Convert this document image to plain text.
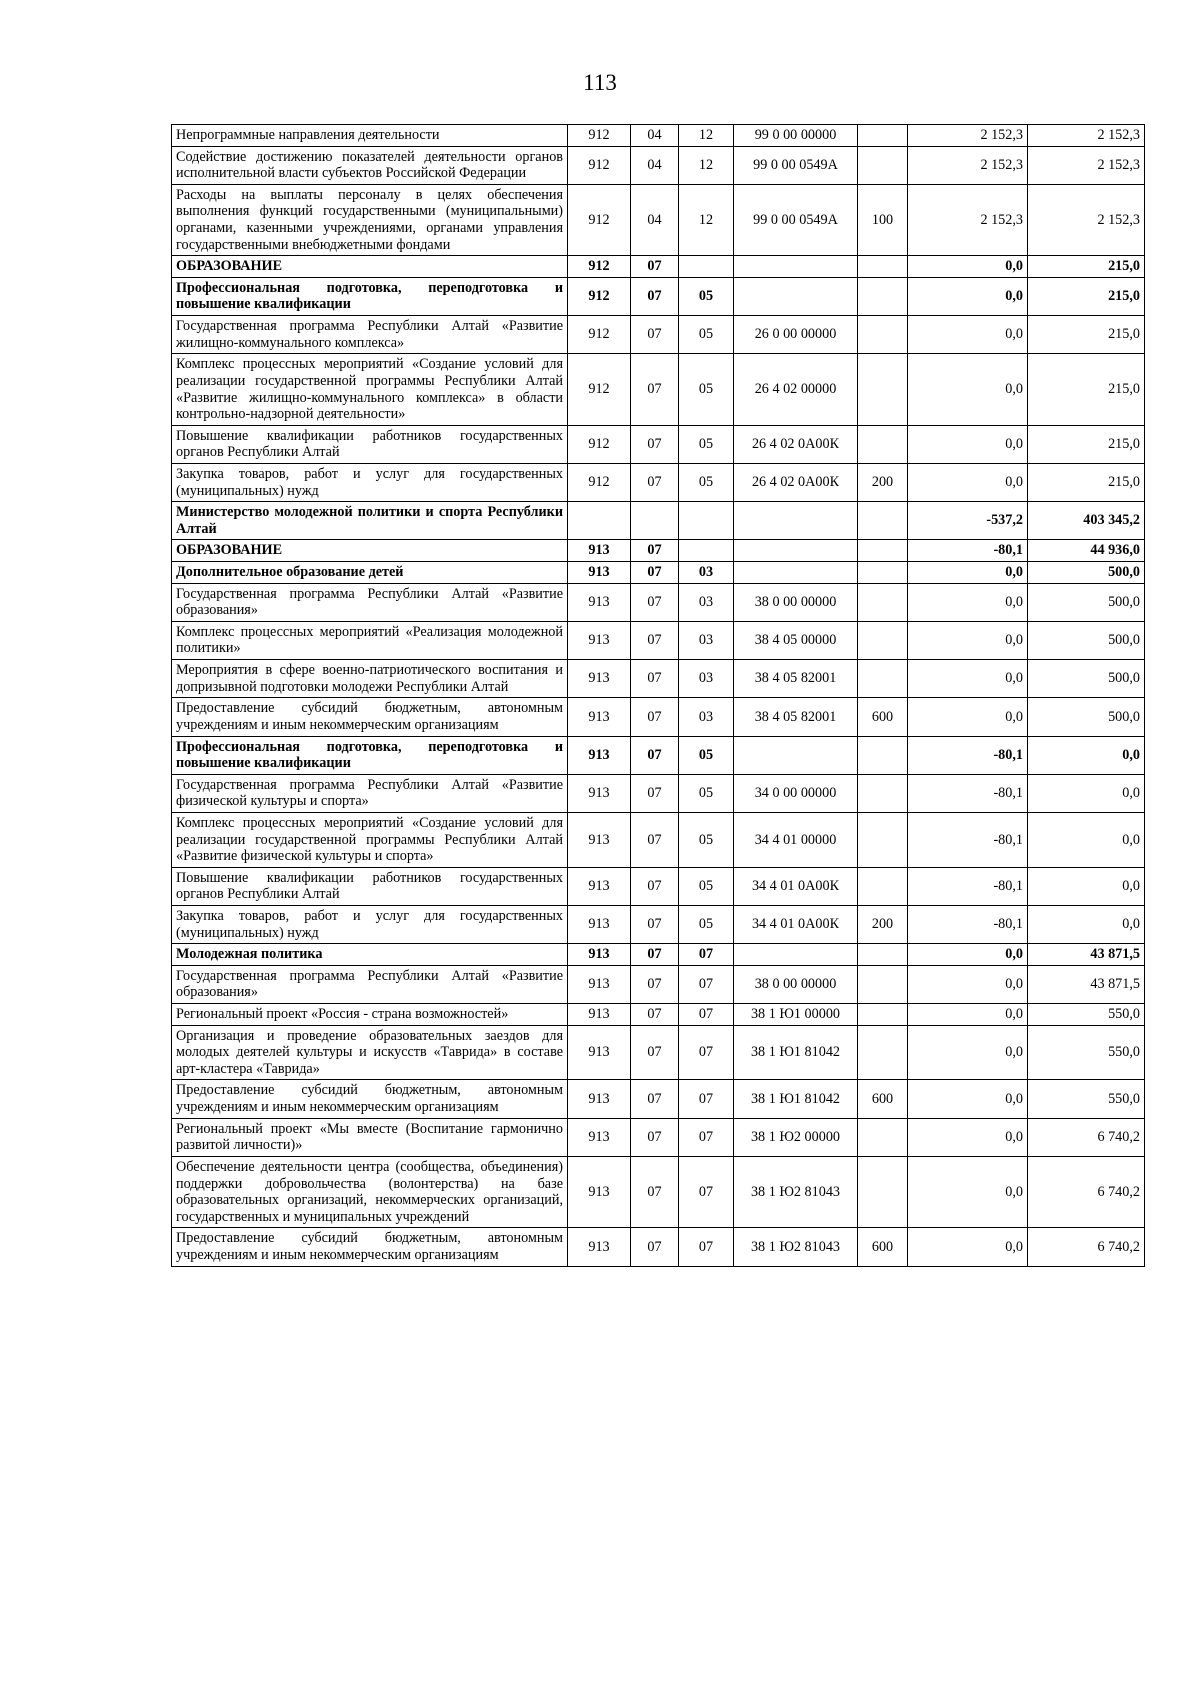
113
Непрограммные направления деятельности	912	04	12	99 0 00 00000		2 152,3	2 152,3
Содействие достижению показателей деятельности органов исполнительной власти субъектов Российской Федерации	912	04	12	99 0 00 0549А		2 152,3	2 152,3
Расходы на выплаты персоналу в целях обеспечения выполнения функций государственными (муниципальными) органами, казенными учреждениями, органами управления государственными внебюджетными фондами	912	04	12	99 0 00 0549А	100	2 152,3	2 152,3
ОБРАЗОВАНИЕ	912	07				0,0	215,0
Профессиональная подготовка, переподготовка и повышение квалификации	912	07	05			0,0	215,0
Государственная программа Республики Алтай «Развитие жилищно-коммунального комплекса»	912	07	05	26 0 00 00000		0,0	215,0
Комплекс процессных мероприятий «Создание условий для реализации государственной программы Республики Алтай «Развитие жилищно-коммунального комплекса» в области контрольно-надзорной деятельности»	912	07	05	26 4 02 00000		0,0	215,0
Повышение квалификации работников государственных органов Республики Алтай	912	07	05	26 4 02 0А00К		0,0	215,0
Закупка товаров, работ и услуг для государственных (муниципальных) нужд	912	07	05	26 4 02 0А00К	200	0,0	215,0
Министерство молодежной политики и спорта Республики Алтай						-537,2	403 345,2
ОБРАЗОВАНИЕ	913	07				-80,1	44 936,0
Дополнительное образование детей	913	07	03			0,0	500,0
Государственная программа Республики Алтай «Развитие образования»	913	07	03	38 0 00 00000		0,0	500,0
Комплекс процессных мероприятий «Реализация молодежной политики»	913	07	03	38 4 05 00000		0,0	500,0
Мероприятия в сфере военно-патриотического воспитания и допризывной подготовки молодежи Республики Алтай	913	07	03	38 4 05 82001		0,0	500,0
Предоставление субсидий бюджетным, автономным учреждениям и иным некоммерческим организациям	913	07	03	38 4 05 82001	600	0,0	500,0
Профессиональная подготовка, переподготовка и повышение квалификации	913	07	05			-80,1	0,0
Государственная программа Республики Алтай «Развитие физической культуры и спорта»	913	07	05	34 0 00 00000		-80,1	0,0
Комплекс процессных мероприятий «Создание условий для реализации государственной программы Республики Алтай «Развитие физической культуры и спорта»	913	07	05	34 4 01 00000		-80,1	0,0
Повышение квалификации работников государственных органов Республики Алтай	913	07	05	34 4 01 0А00К		-80,1	0,0
Закупка товаров, работ и услуг для государственных (муниципальных) нужд	913	07	05	34 4 01 0А00К	200	-80,1	0,0
Молодежная политика	913	07	07			0,0	43 871,5
Государственная программа Республики Алтай «Развитие образования»	913	07	07	38 0 00 00000		0,0	43 871,5
Региональный проект «Россия - страна возможностей»	913	07	07	38 1 Ю1 00000		0,0	550,0
Организация и проведение образовательных заездов для молодых деятелей культуры и искусств «Таврида» в составе арт-кластера «Таврида»	913	07	07	38 1 Ю1 81042		0,0	550,0
Предоставление субсидий бюджетным, автономным учреждениям и иным некоммерческим организациям	913	07	07	38 1 Ю1 81042	600	0,0	550,0
Региональный проект «Мы вместе (Воспитание гармонично развитой личности)»	913	07	07	38 1 Ю2 00000		0,0	6 740,2
Обеспечение деятельности центра (сообщества, объединения) поддержки добровольчества (волонтерства) на базе образовательных организаций, некоммерческих организаций, государственных и муниципальных учреждений	913	07	07	38 1 Ю2 81043		0,0	6 740,2
Предоставление субсидий бюджетным, автономным учреждениям и иным некоммерческим организациям	913	07	07	38 1 Ю2 81043	600	0,0	6 740,2
